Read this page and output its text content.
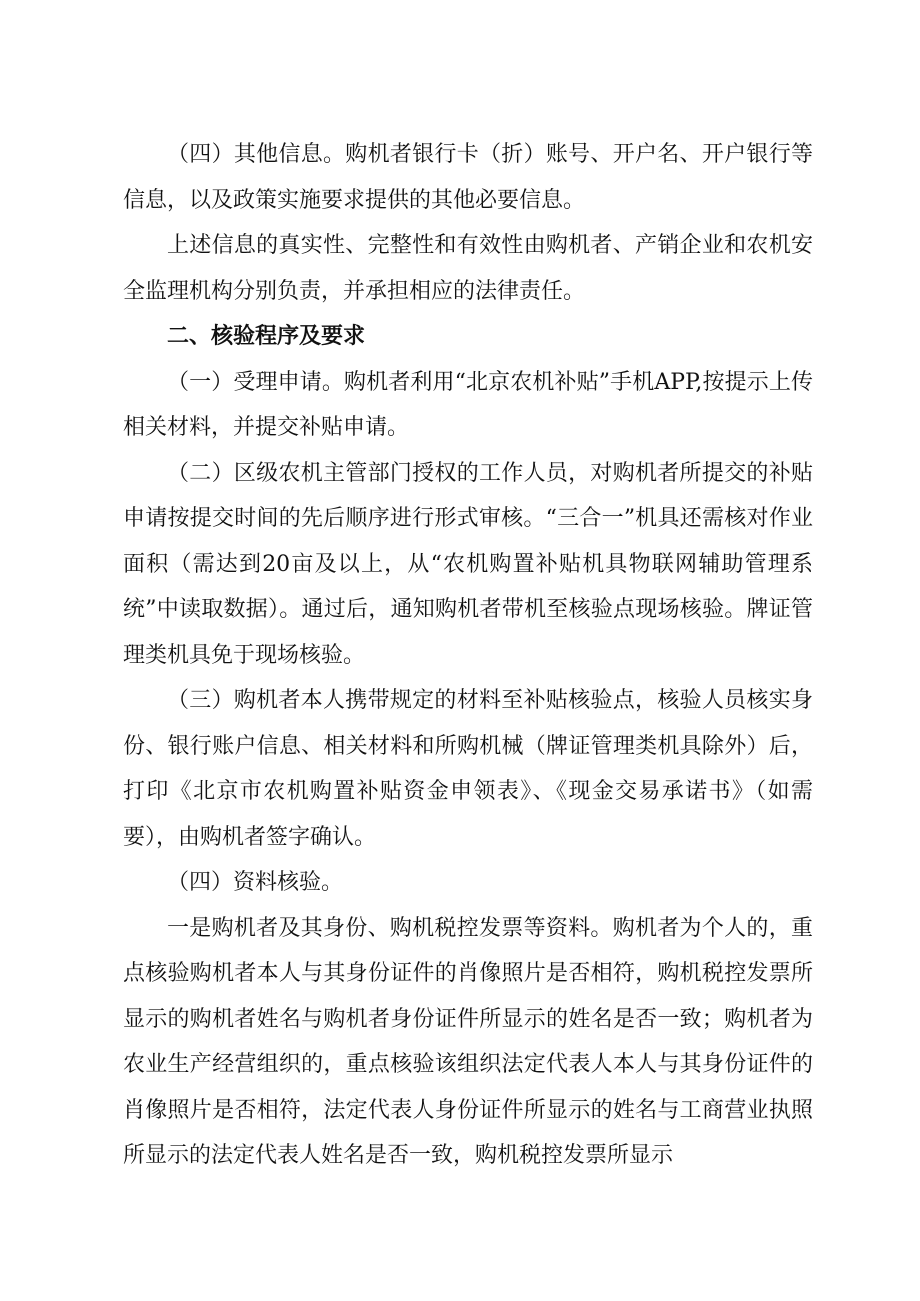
（四）其他信息。购机者银行卡（折）账号、开户名、开户银行等信息，以及政策实施要求提供的其他必要信息。

上述信息的真实性、完整性和有效性由购机者、产销企业和农机安全监理机构分别负责，并承担相应的法律责任。

二、核验程序及要求

（一）受理申请。购机者利用“北京农机补贴”手机APP,按提示上传相关材料，并提交补贴申请。

（二）区级农机主管部门授权的工作人员，对购机者所提交的补贴申请按提交时间的先后顺序进行形式审核。“三合一”机具还需核对作业面积（需达到20亩及以上，从“农机购置补贴机具物联网辅助管理系统”中读取数据）。通过后，通知购机者带机至核验点现场核验。牌证管理类机具免于现场核验。

（三）购机者本人携带规定的材料至补贴核验点，核验人员核实身份、银行账户信息、相关材料和所购机械（牌证管理类机具除外）后，打印《北京市农机购置补贴资金申领表》、《现金交易承诺书》（如需要），由购机者签字确认。

（四）资料核验。

一是购机者及其身份、购机税控发票等资料。购机者为个人的，重点核验购机者本人与其身份证件的肖像照片是否相符，购机税控发票所显示的购机者姓名与购机者身份证件所显示的姓名是否一致；购机者为农业生产经营组织的，重点核验该组织法定代表人本人与其身份证件的肖像照片是否相符，法定代表人身份证件所显示的姓名与工商营业执照所显示的法定代表人姓名是否一致，购机税控发票所显示
